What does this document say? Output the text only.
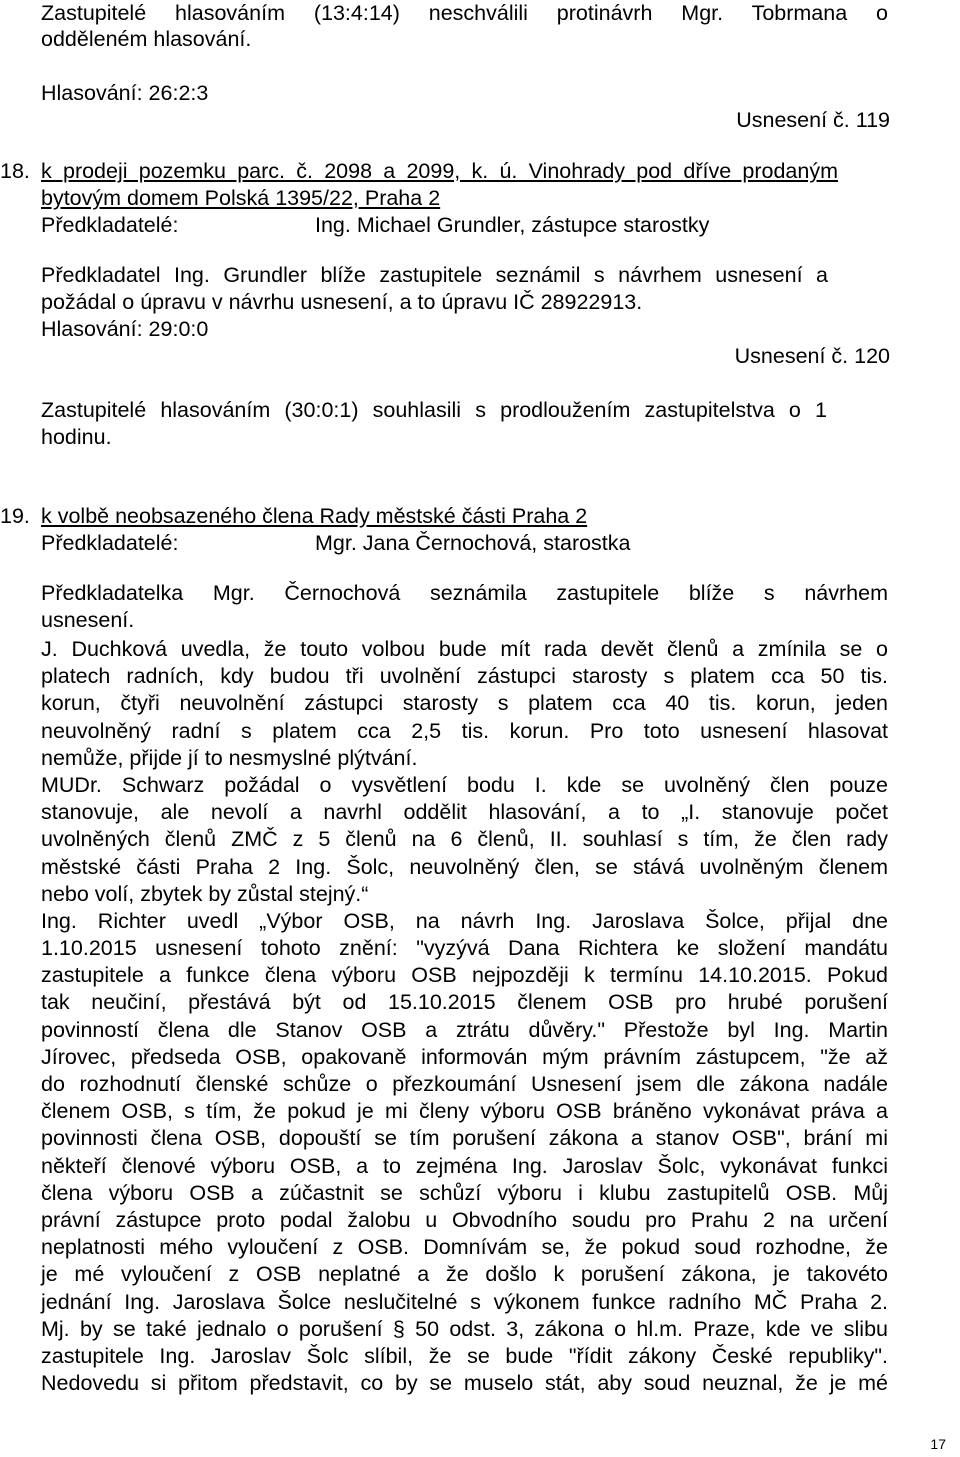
Zastupitelé hlasováním (13:4:14) neschválili protinávrh Mgr. Tobrmana o
odděleném hlasování.
Hlasování: 26:2:3
Usnesení č. 119
18. k prodeji pozemku parc. č. 2098 a 2099, k. ú. Vinohrady pod dříve prodaným
bytovým domem Polská 1395/22, Praha 2
Předkladatelé:	Ing. Michael Grundler, zástupce starostky
Předkladatel Ing. Grundler blíže zastupitele seznámil s návrhem usnesení a
požádal o úpravu v návrhu usnesení, a to úpravu IČ 28922913.
Hlasování: 29:0:0
Usnesení č. 120
Zastupitelé hlasováním (30:0:1) souhlasili s prodloužením zastupitelstva o 1
hodinu.
19. k volbě neobsazeného člena Rady městské části Praha 2
Předkladatelé:	Mgr. Jana Černochová, starostka
Předkladatelka Mgr. Černochová seznámila zastupitele blíže s návrhem
usnesení.
J. Duchková uvedla, že touto volbou bude mít rada devět členů a zmínila se o
platech radních, kdy budou tři uvolnění zástupci starosty s platem cca 50 tis.
korun, čtyři neuvolnění zástupci starosty s platem cca 40 tis. korun, jeden
neuvolněný radní s platem cca 2,5 tis. korun. Pro toto usnesení hlasovat
nemůže, přijde jí to nesmyslné plýtvání.
MUDr. Schwarz požádal o vysvětlení bodu I. kde se uvolněný člen pouze
stanovuje, ale nevolí a navrhl oddělit hlasování, a to „I. stanovuje počet
uvolněných členů ZMČ z 5 členů na 6 členů, II. souhlasí s tím, že člen rady
městské části Praha 2 Ing. Šolc, neuvolněný člen, se stává uvolněným členem
nebo volí, zbytek by zůstal stejný.“
Ing. Richter uvedl „Výbor OSB, na návrh Ing. Jaroslava Šolce, přijal dne
1.10.2015 usnesení tohoto znění: "vyzývá Dana Richtera ke složení mandátu
zastupitele a funkce člena výboru OSB nejpozději k termínu 14.10.2015. Pokud
tak neučiní, přestává být od 15.10.2015 členem OSB pro hrubé porušení
povinností člena dle Stanov OSB a ztrátu důvěry." Přestože byl Ing. Martin
Jírovec, předseda OSB, opakovaně informován mým právním zástupcem, "že až
do rozhodnutí členské schůze o přezkoumání Usnesení jsem dle zákona nadále
členem OSB, s tím, že pokud je mi členy výboru OSB bráněno vykonávat práva a
povinnosti člena OSB, dopouští se tím porušení zákona a stanov OSB", brání mi
někteří členové výboru OSB, a to zejména Ing. Jaroslav Šolc, vykonávat funkci
člena výboru OSB a zúčastnit se schůzí výboru i klubu zastupitelů OSB. Můj
právní zástupce proto podal žalobu u Obvodního soudu pro Prahu 2 na určení
neplatnosti mého vyloučení z OSB. Domnívám se, že pokud soud rozhodne, že
je mé vyloučení z OSB neplatné a že došlo k porušení zákona, je takovéto
jednání Ing. Jaroslava Šolce neslučitelné s výkonem funkce radního MČ Praha 2.
Mj. by se také jednalo o porušení § 50 odst. 3, zákona o hl.m. Praze, kde ve slibu
zastupitele Ing. Jaroslav Šolc slíbil, že se bude "řídit zákony České republiky".
Nedovedu si přitom představit, co by se muselo stát, aby soud neuznal, že je mé
17
